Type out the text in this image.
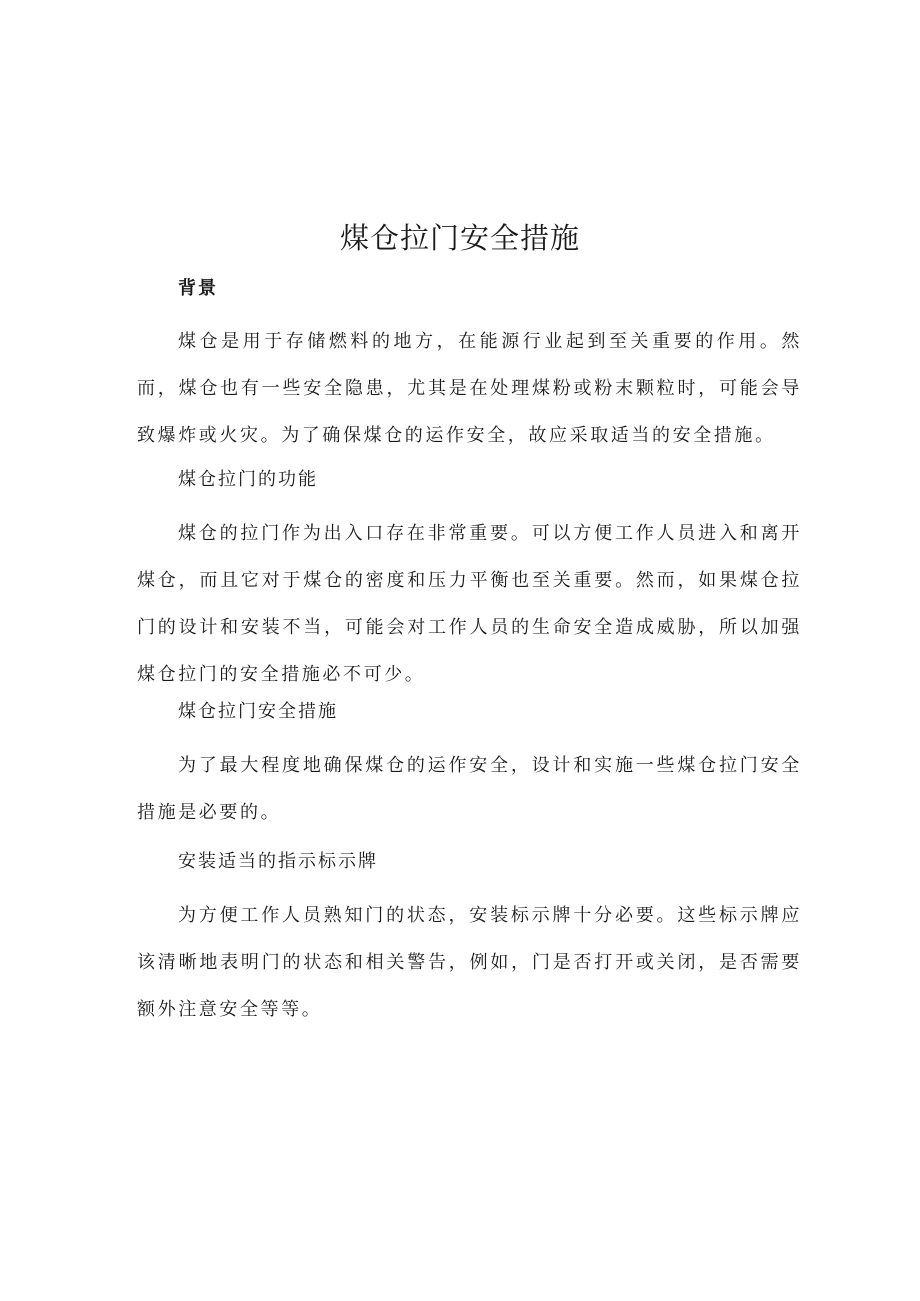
煤仓拉门安全措施

背景

煤仓是用于存储燃料的地方，在能源行业起到至关重要的作用。然而，煤仓也有一些安全隐患，尤其是在处理煤粉或粉末颗粒时，可能会导致爆炸或火灾。为了确保煤仓的运作安全，故应采取适当的安全措施。

煤仓拉门的功能

煤仓的拉门作为出入口存在非常重要。可以方便工作人员进入和离开煤仓，而且它对于煤仓的密度和压力平衡也至关重要。然而，如果煤仓拉门的设计和安装不当，可能会对工作人员的生命安全造成威胁，所以加强煤仓拉门的安全措施必不可少。

煤仓拉门安全措施

为了最大程度地确保煤仓的运作安全，设计和实施一些煤仓拉门安全措施是必要的。

安装适当的指示标示牌

为方便工作人员熟知门的状态，安装标示牌十分必要。这些标示牌应该清晰地表明门的状态和相关警告，例如，门是否打开或关闭，是否需要额外注意安全等等。
